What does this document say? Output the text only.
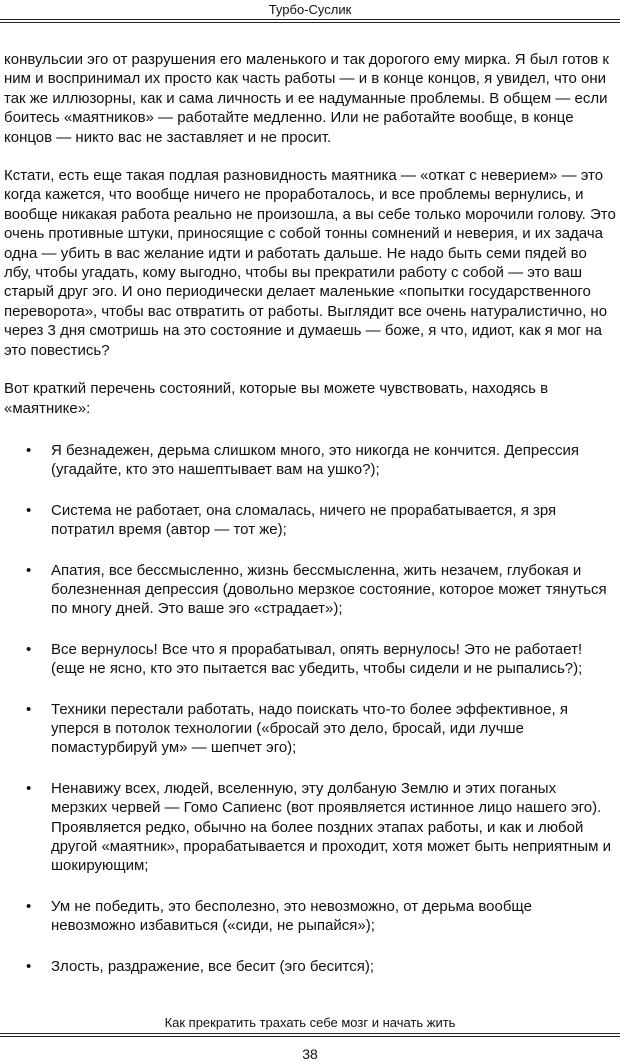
Турбо-Суслик

конвульсии эго от разрушения его маленького и так дорогого ему мирка. Я был готов к ним и воспринимал их просто как часть работы — и в конце концов, я увидел, что они так же иллюзорны, как и сама личность и ее надуманные проблемы. В общем — если боитесь «маятников» — работайте медленно. Или не работайте вообще, в конце концов — никто вас не заставляет и не просит.

Кстати, есть еще такая подлая разновидность маятника — «откат с неверием» — это когда кажется, что вообще ничего не проработалось, и все проблемы вернулись, и вообще никакая работа реально не произошла, а вы себе только морочили голову. Это очень противные штуки, приносящие с собой тонны сомнений и неверия, и их задача одна — убить в вас желание идти и работать дальше. Не надо быть семи пядей во лбу, чтобы угадать, кому выгодно, чтобы вы прекратили работу с собой — это ваш старый друг эго. И оно периодически делает маленькие «попытки государственного переворота», чтобы вас отвратить от работы. Выглядит все очень натуралистично, но через 3 дня смотришь на это состояние и думаешь — боже, я что, идиот, как я мог на это повестись?

Вот краткий перечень состояний, которые вы можете чувствовать, находясь в «маятнике»:

• Я безнадежен, дерьма слишком много, это никогда не кончится. Депрессия (угадайте, кто это нашептывает вам на ушко?);
• Система не работает, она сломалась, ничего не прорабатывается, я зря потратил время (автор — тот же);
• Апатия, все бессмысленно, жизнь бессмысленна, жить незачем, глубокая и болезненная депрессия (довольно мерзкое состояние, которое может тянуться по многу дней. Это ваше эго «страдает»);
• Все вернулось! Все что я прорабатывал, опять вернулось! Это не работает! (еще не ясно, кто это пытается вас убедить, чтобы сидели и не рыпались?);
• Техники перестали работать, надо поискать что-то более эффективное, я уперся в потолок технологии («бросай это дело, бросай, иди лучше помастурбируй ум» — шепчет эго);
• Ненавижу всех, людей, вселенную, эту долбаную Землю и этих поганых мерзких червей — Гомо Сапиенс (вот проявляется истинное лицо нашего эго). Проявляется редко, обычно на более поздних этапах работы, и как и любой другой «маятник», прорабатывается и проходит, хотя может быть неприятным и шокирующим;
• Ум не победить, это бесполезно, это невозможно, от дерьма вообще невозможно избавиться («сиди, не рыпайся»);
• Злость, раздражение, все бесит (эго бесится);
Как прекратить трахать себе мозг и начать жить
38
